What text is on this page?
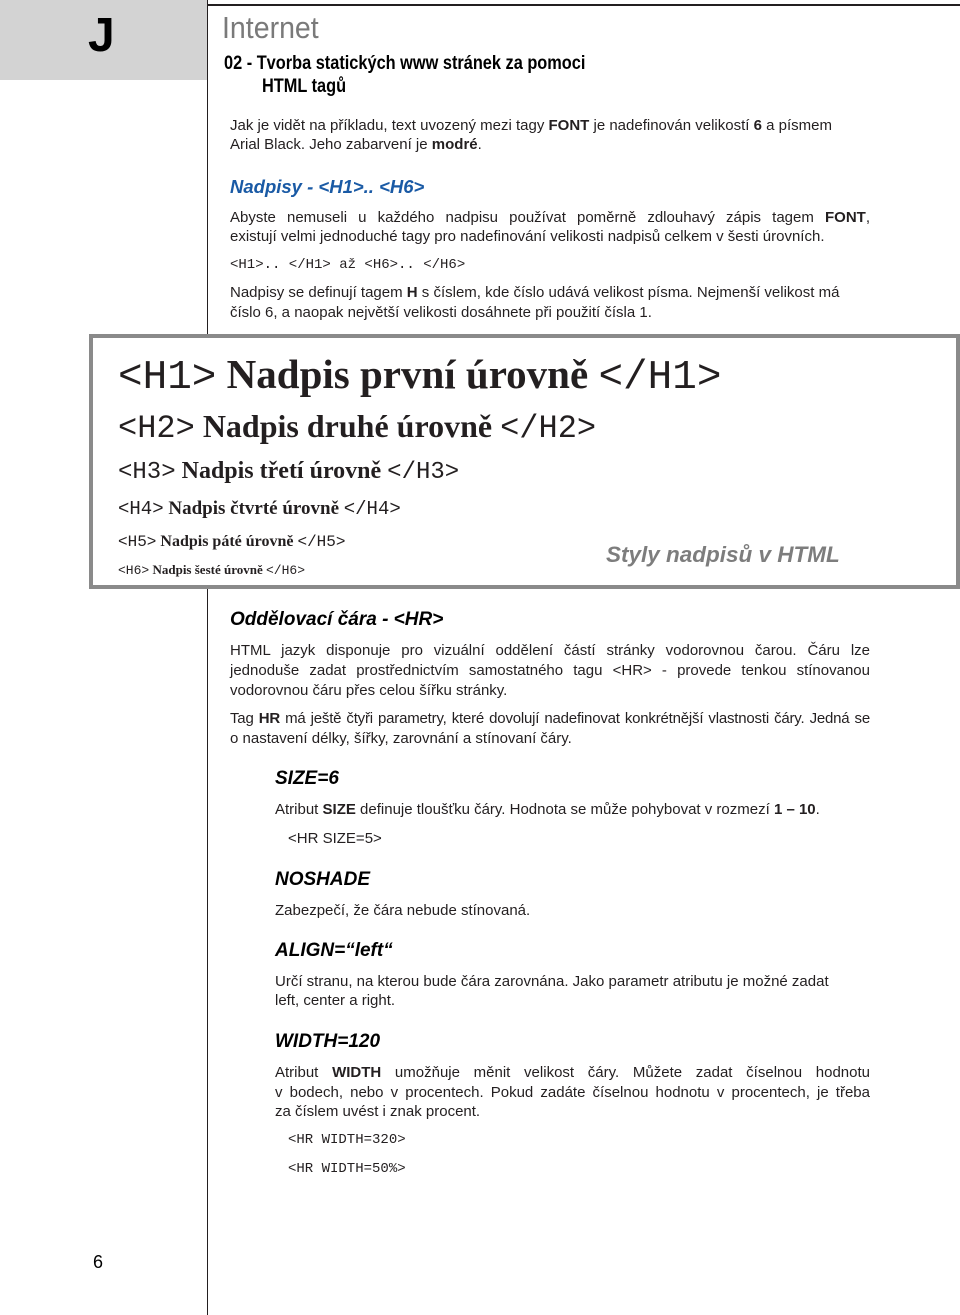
J	Internet
02 - Tvorba statických www stránek za pomoci
HTML tagů
Jak je vidět na příkladu, text uvozený mezi tagy FONT je nadefinován velikostí 6 a písmem
Arial Black. Jeho zabarvení je modré.
Nadpisy - <H1>.. <H6>
Abyste nemuseli u každého nadpisu používat poměrně zdlouhavý zápis tagem FONT,
existují velmi jednoduché tagy pro nadefinování velikosti nadpisů celkem v šesti úrovních.
<H1>.. </H1> až <H6>.. </H6>
Nadpisy se definují tagem H s číslem, kde číslo udává velikost písma. Nejmenší velikost má
číslo 6, a naopak největší velikosti dosáhnete při použití čísla 1.
<H1> Nadpis první úrovně </H1>
<H2> Nadpis druhé úrovně </H2>
<H3> Nadpis třetí úrovně </H3>
<H4> Nadpis čtvrté úrovně </H4>
<H5> Nadpis páté úrovně </H5>
<H6> Nadpis šesté úrovně </H6>
Styly nadpisů v HTML
Oddělovací čára - <HR>
HTML jazyk disponuje pro vizuální oddělení částí stránky vodorovnou čarou. Čáru lze
jednoduše zadat prostřednictvím samostatného tagu <HR> - provede tenkou stínovanou
vodorovnou čáru přes celou šířku stránky.
Tag HR má ještě čtyři parametry, které dovolují nadefinovat konkrétnější vlastnosti čáry. Jedná se
o nastavení délky, šířky, zarovnání a stínovaní čáry.
SIZE=6
Atribut SIZE definuje tloušťku čáry. Hodnota se může pohybovat v rozmezí 1 – 10.
<HR SIZE=5>
NOSHADE
Zabezpečí, že čára nebude stínovaná.
ALIGN=“left“
Určí stranu, na kterou bude čára zarovnána. Jako parametr atributu je možné zadat
left, center a right.
WIDTH=120
Atribut WIDTH umožňuje měnit velikost čáry. Můžete zadat číselnou hodnotu
v bodech, nebo v procentech. Pokud zadáte číselnou hodnotu v procentech, je třeba
za číslem uvést i znak procent.
<HR WIDTH=320>
<HR WIDTH=50%>
6
